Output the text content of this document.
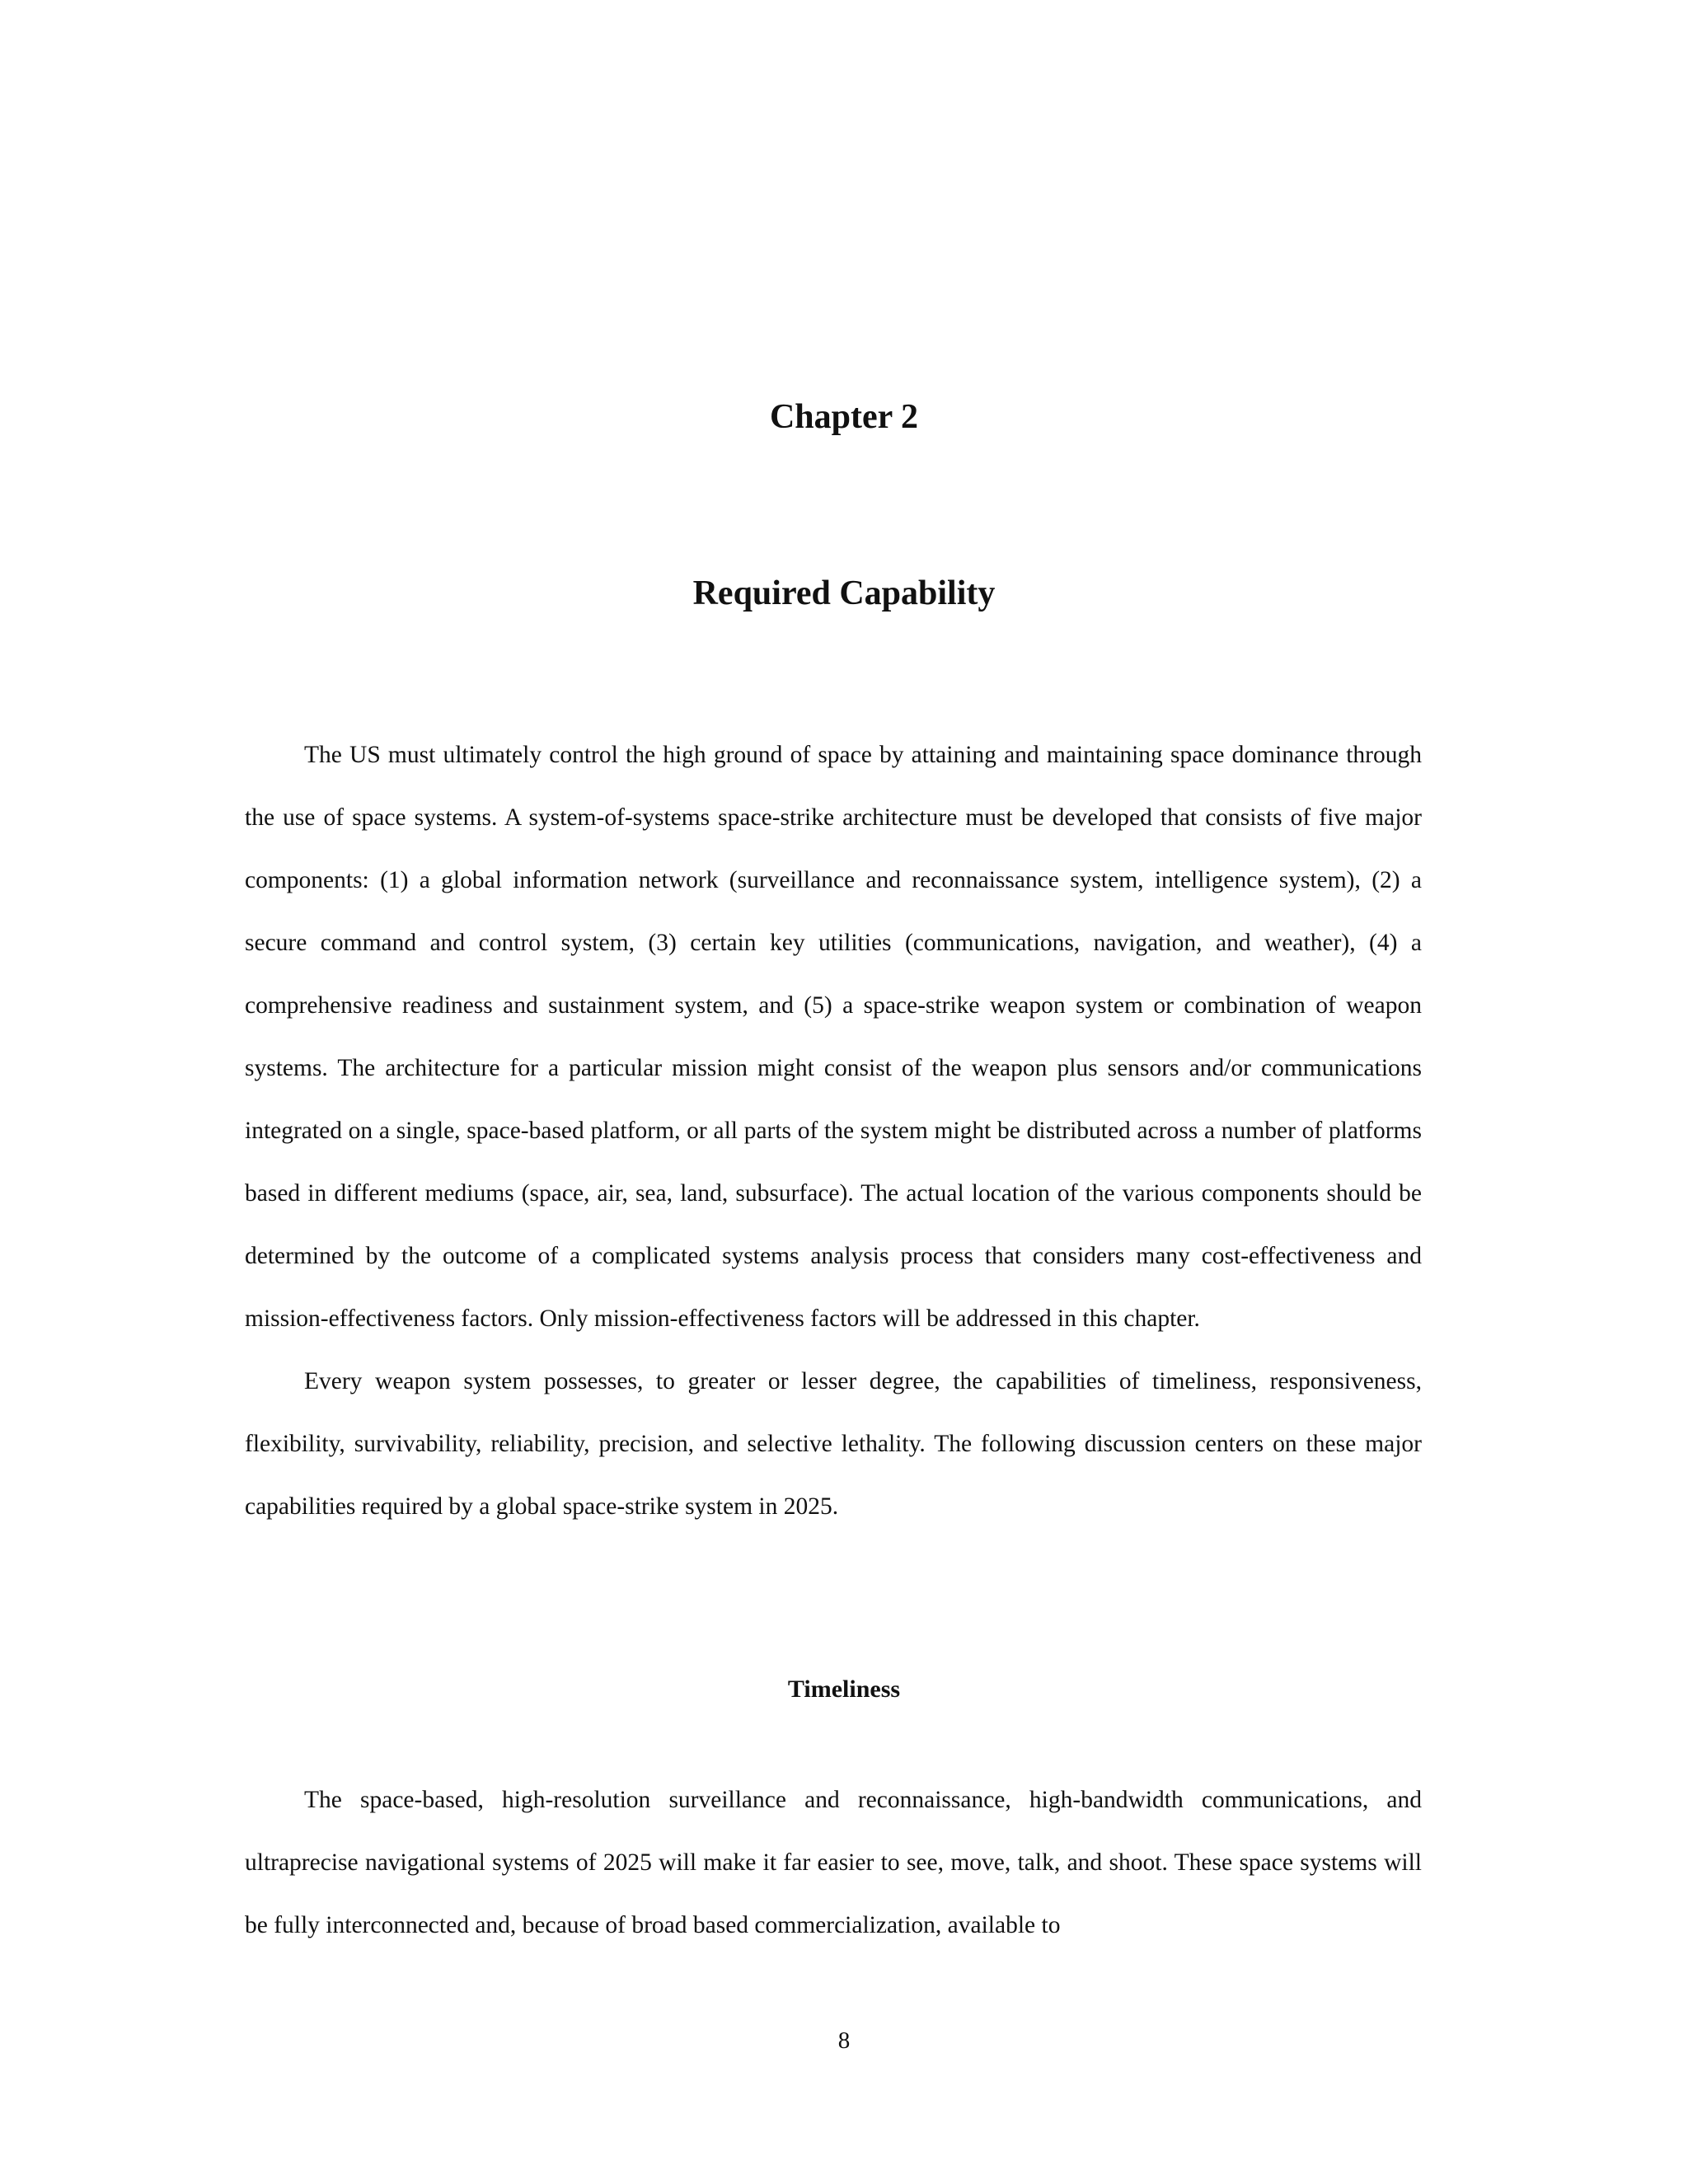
Chapter 2
Required Capability

The US must ultimately control the high ground of space by attaining and maintaining space dominance through the use of space systems. A system-of-systems space-strike architecture must be developed that consists of five major components: (1) a global information network (surveillance and reconnaissance system, intelligence system), (2) a secure command and control system, (3) certain key utilities (communications, navigation, and weather), (4) a comprehensive readiness and sustainment system, and (5) a space-strike weapon system or combination of weapon systems. The architecture for a particular mission might consist of the weapon plus sensors and/or communications integrated on a single, space-based platform, or all parts of the system might be distributed across a number of platforms based in different mediums (space, air, sea, land, subsurface). The actual location of the various components should be determined by the outcome of a complicated systems analysis process that considers many cost-effectiveness and mission-effectiveness factors. Only mission-effectiveness factors will be addressed in this chapter.

Every weapon system possesses, to greater or lesser degree, the capabilities of timeliness, responsiveness, flexibility, survivability, reliability, precision, and selective lethality. The following discussion centers on these major capabilities required by a global space-strike system in 2025.

Timeliness

The space-based, high-resolution surveillance and reconnaissance, high-bandwidth communications, and ultraprecise navigational systems of 2025 will make it far easier to see, move, talk, and shoot. These space systems will be fully interconnected and, because of broad based commercialization, available to

8
